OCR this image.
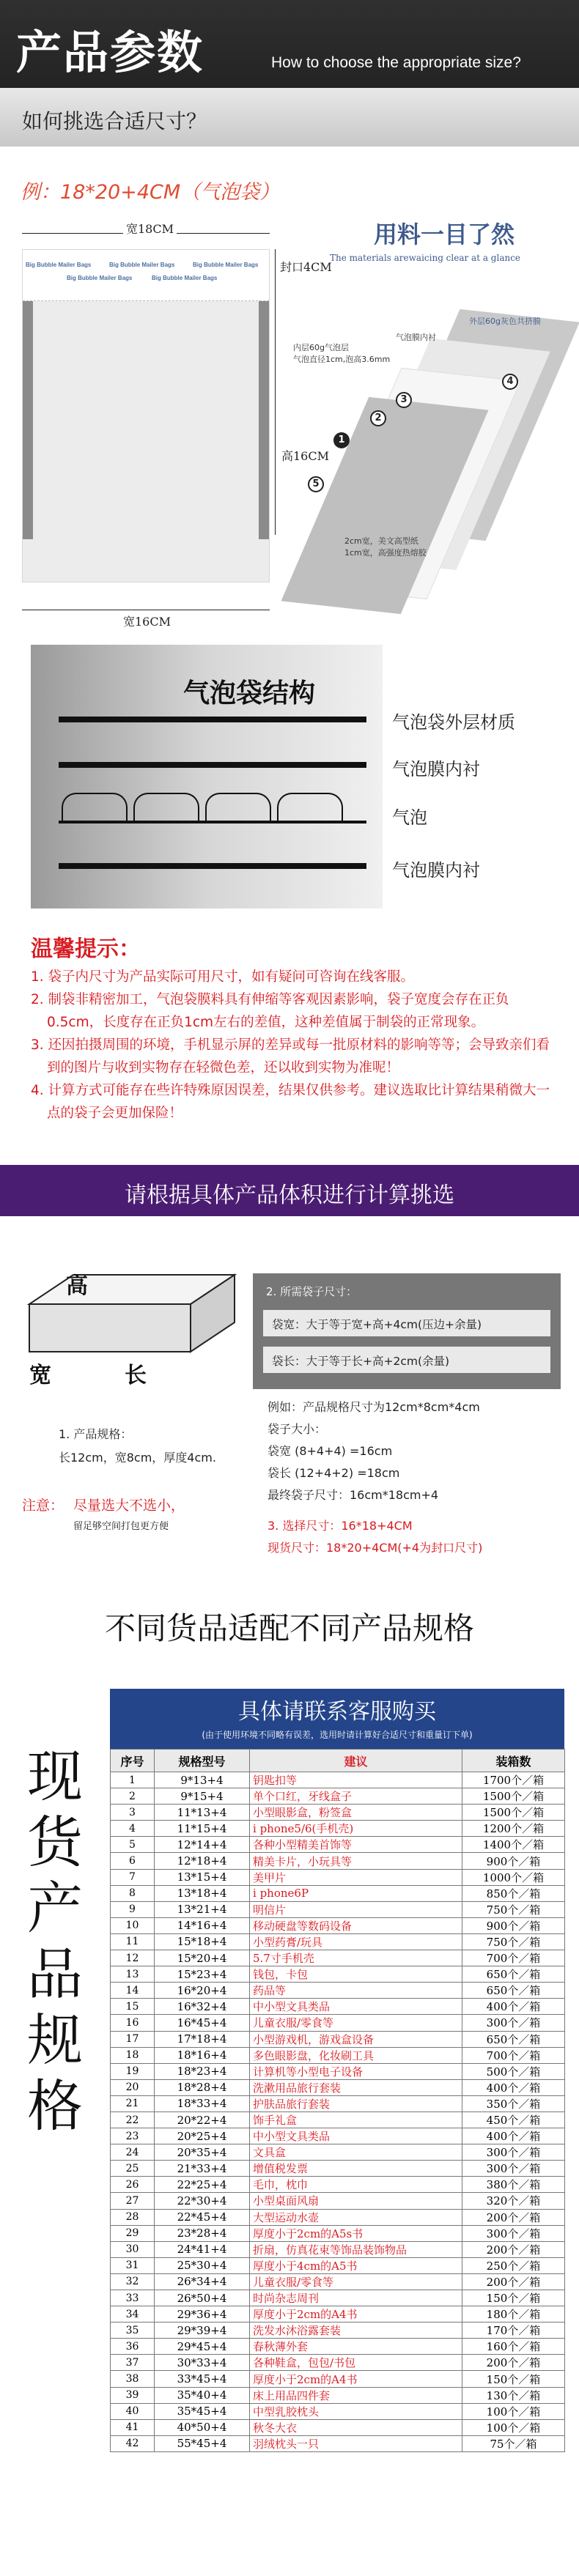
产品参数	How to choose the appropriate size?
如何挑选合适尺寸？
例：18*20+4CM（气泡袋）
宽18CM
Big Bubble Mailer Bags	Big Bubble Mailer Bags	Big Bubble Mailer Bags
Big Bubble Mailer Bags	Big Bubble Mailer Bags
封口4CM
高16CM
宽16CM
用料一目了然
The materials arewaicing clear at a glance
外层60g灰色共挤膜
气泡膜内衬
内层60g气泡层
气泡直径1cm,泡高3.6mm
2cm宽，美文高型纸
1cm宽，高强度热熔胶
1
2
3
4
5
气泡袋结构
气泡袋外层材质
气泡膜内衬
气泡
气泡膜内衬
温馨提示：

1. 袋子内尺寸为产品实际可用尺寸，如有疑问可咨询在线客服。

2. 制袋非精密加工，气泡袋膜料具有伸缩等客观因素影响，袋子宽度会存在正负0.5cm，长度存在正负1cm左右的差值，这种差值属于制袋的正常现象。

3. 还因拍摄周围的环境，手机显示屏的差异或每一批原材料的影响等等；会导致亲们看到的图片与收到实物存在轻微色差，还以收到实物为准呢！

4. 计算方式可能存在些许特殊原因误差，结果仅供参考。建议选取比计算结果稍微大一点的袋子会更加保险！

请根据具体产品体积进行计算挑选
高
宽	长
1. 产品规格：
长12cm，宽8cm，厚度4cm.
注意： 尽量选大不选小，
留足够空间打包更方便
2. 所需袋子尺寸：
袋宽：大于等于宽+高+4cm(压边+余量)
袋长：大于等于长+高+2cm(余量)
例如：产品规格尺寸为12cm*8cm*4cm
袋子大小：
袋宽 (8+4+4) =16cm
袋长 (12+4+2) =18cm
最终袋子尺寸：16cm*18cm+4
3. 选择尺寸：16*18+4CM
现货尺寸：18*20+4CM(+4为封口尺寸)
不同货品适配不同产品规格
现货产品规格
具体请联系客服购买
(由于使用环境不同略有误差，选用时请计算好合适尺寸和重量订下单)
序号	规格型号	建议	装箱数
1	9*13+4	钥匙扣等	1700个／箱
2	9*15+4	单个口红，牙线盒子	1500个／箱
3	11*13+4	小型眼影盒，粉签盒	1500个／箱
4	11*15+4	i phone5/6(手机壳)	1200个／箱
5	12*14+4	各种小型精美首饰等	1400个／箱
6	12*18+4	精美卡片，小玩具等	900个／箱
7	13*15+4	美甲片	1000个／箱
8	13*18+4	i phone6P	850个／箱
9	13*21+4	明信片	750个／箱
10	14*16+4	移动硬盘等数码设备	900个／箱
11	15*18+4	小型药膏/玩具	750个／箱
12	15*20+4	5.7寸手机壳	700个／箱
13	15*23+4	钱包，卡包	650个／箱
14	16*20+4	药品等	650个／箱
15	16*32+4	中小型文具类品	400个／箱
16	16*45+4	儿童衣服/零食等	300个／箱
17	17*18+4	小型游戏机，游戏盒设备	650个／箱
18	18*16+4	多色眼影盘，化妆刷工具	700个／箱
19	18*23+4	计算机等小型电子设备	500个／箱
20	18*28+4	洗漱用品旅行套装	400个／箱
21	18*33+4	护肤品旅行套装	350个／箱
22	20*22+4	饰手礼盒	450个／箱
23	20*25+4	中小型文具类品	400个／箱
24	20*35+4	文具盒	300个／箱
25	21*33+4	增值税发票	300个／箱
26	22*25+4	毛巾，枕巾	380个／箱
27	22*30+4	小型桌面风扇	320个／箱
28	22*45+4	大型运动水壶	200个／箱
29	23*28+4	厚度小于2cm的A5s书	300个／箱
30	24*41+4	折扇，仿真花束等饰品装饰物品	200个／箱
31	25*30+4	厚度小于4cm的A5书	250个／箱
32	26*34+4	儿童衣服/零食等	200个／箱
33	26*50+4	时尚杂志周刊	150个／箱
34	29*36+4	厚度小于2cm的A4书	180个／箱
35	29*39+4	洗发水沐浴露套装	170个／箱
36	29*45+4	春秋薄外套	160个／箱
37	30*33+4	各种鞋盒，包包/书包	200个／箱
38	33*45+4	厚度小于2cm的A4书	150个／箱
39	35*40+4	床上用品四件套	130个／箱
40	35*45+4	中型乳胶枕头	100个／箱
41	40*50+4	秋冬大衣	100个／箱
42	55*45+4	羽绒枕头一只	75个／箱
